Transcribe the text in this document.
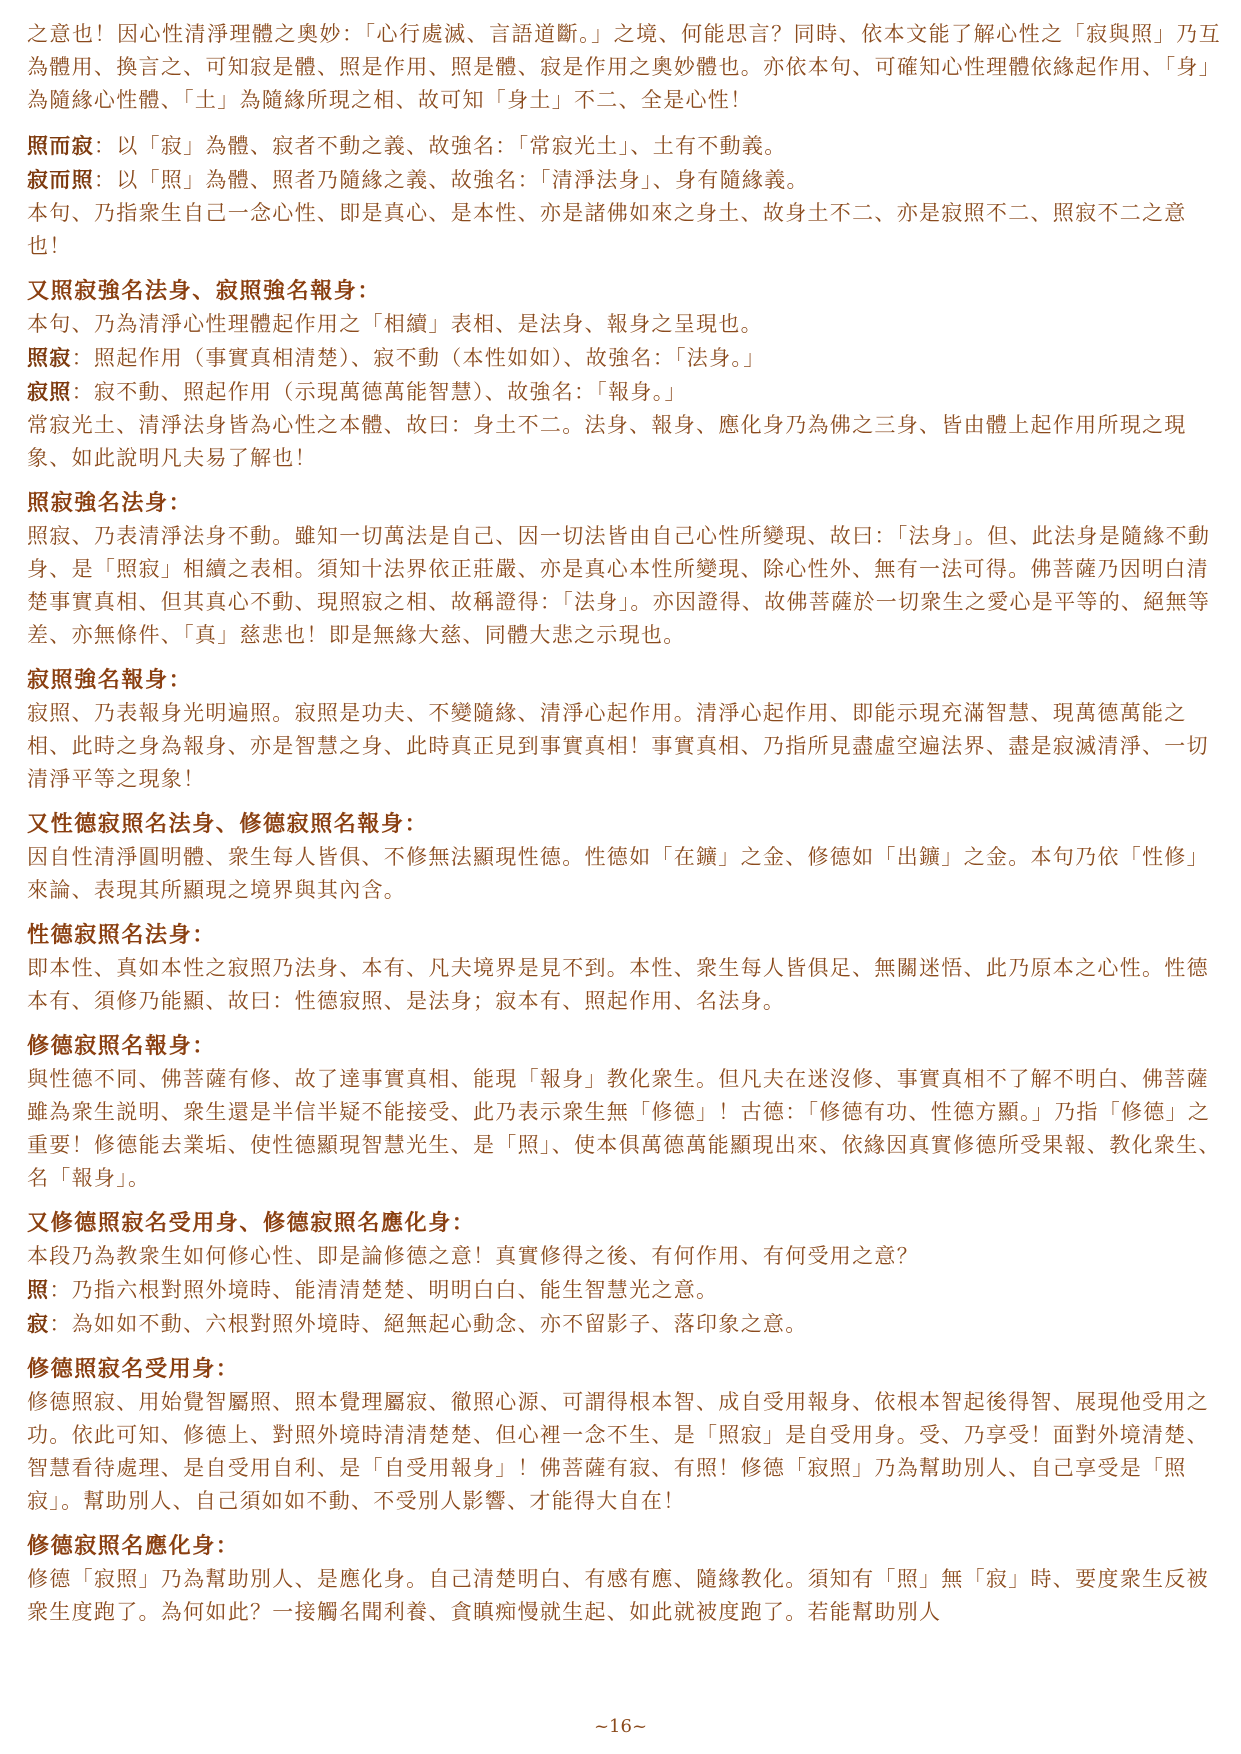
之意也！因心性清淨理體之奧妙：「心行處滅、言語道斷。」之境、何能思言？同時、依本文能了解心性之「寂與照」乃互為體用、換言之、可知寂是體、照是作用、照是體、寂是作用之奧妙體也。亦依本句、可確知心性理體依緣起作用、「身」為隨緣心性體、「土」為隨緣所現之相、故可知「身土」不二、全是心性！

照而寂：以「寂」為體、寂者不動之義、故強名：「常寂光土」、土有不動義。
寂而照：以「照」為體、照者乃隨緣之義、故強名：「清淨法身」、身有隨緣義。
本句、乃指衆生自己一念心性、即是真心、是本性、亦是諸佛如來之身土、故身土不二、亦是寂照不二、照寂不二之意也！
又照寂強名法身、寂照強名報身：
本句、乃為清淨心性理體起作用之「相續」表相、是法身、報身之呈現也。
照寂：照起作用（事實真相清楚）、寂不動（本性如如）、故強名：「法身。」
寂照：寂不動、照起作用（示現萬德萬能智慧）、故強名：「報身。」
常寂光土、清淨法身皆為心性之本體、故曰：身土不二。法身、報身、應化身乃為佛之三身、皆由體上起作用所現之現象、如此說明凡夫易了解也！
照寂強名法身：
照寂、乃表清淨法身不動。雖知一切萬法是自己、因一切法皆由自己心性所變現、故曰：「法身」。但、此法身是隨緣不動身、是「照寂」相續之表相。須知十法界依正莊嚴、亦是真心本性所變現、除心性外、無有一法可得。佛菩薩乃因明白清楚事實真相、但其真心不動、現照寂之相、故稱證得：「法身」。亦因證得、故佛菩薩於一切衆生之愛心是平等的、絕無等差、亦無條件、「真」慈悲也！即是無緣大慈、同體大悲之示現也。
寂照強名報身：
寂照、乃表報身光明遍照。寂照是功夫、不變隨緣、清淨心起作用。清淨心起作用、即能示現充滿智慧、現萬德萬能之相、此時之身為報身、亦是智慧之身、此時真正見到事實真相！事實真相、乃指所見盡虛空遍法界、盡是寂滅清淨、一切清淨平等之現象！
又性德寂照名法身、修德寂照名報身：
因自性清淨圓明體、衆生每人皆俱、不修無法顯現性德。性德如「在鑛」之金、修德如「出鑛」之金。本句乃依「性修」來論、表現其所顯現之境界與其內含。
性德寂照名法身：
即本性、真如本性之寂照乃法身、本有、凡夫境界是見不到。本性、衆生每人皆俱足、無關迷悟、此乃原本之心性。性德本有、須修乃能顯、故曰：性德寂照、是法身；寂本有、照起作用、名法身。
修德寂照名報身：
與性德不同、佛菩薩有修、故了達事實真相、能現「報身」教化衆生。但凡夫在迷沒修、事實真相不了解不明白、佛菩薩雖為衆生説明、衆生還是半信半疑不能接受、此乃表示衆生無「修德」！古德：「修德有功、性德方顯。」乃指「修德」之重要！修德能去業垢、使性德顯現智慧光生、是「照」、使本俱萬德萬能顯現出來、依緣因真實修德所受果報、教化衆生、名「報身」。
又修德照寂名受用身、修德寂照名應化身：
本段乃為教衆生如何修心性、即是論修德之意！真實修得之後、有何作用、有何受用之意？
照：乃指六根對照外境時、能清清楚楚、明明白白、能生智慧光之意。
寂：為如如不動、六根對照外境時、絕無起心動念、亦不留影子、落印象之意。
修德照寂名受用身：
修德照寂、用始覺智屬照、照本覺理屬寂、徹照心源、可謂得根本智、成自受用報身、依根本智起後得智、展現他受用之功。依此可知、修德上、對照外境時清清楚楚、但心裡一念不生、是「照寂」是自受用身。受、乃享受！面對外境清楚、智慧看待處理、是自受用自利、是「自受用報身」！佛菩薩有寂、有照！修德「寂照」乃為幫助別人、自己享受是「照寂」。幫助別人、自己須如如不動、不受別人影響、才能得大自在！
修德寂照名應化身：
修德「寂照」乃為幫助別人、是應化身。自己清楚明白、有感有應、隨緣教化。須知有「照」無「寂」時、要度衆生反被衆生度跑了。為何如此？一接觸名聞利養、貪瞋痴慢就生起、如此就被度跑了。若能幫助別人
~16~
